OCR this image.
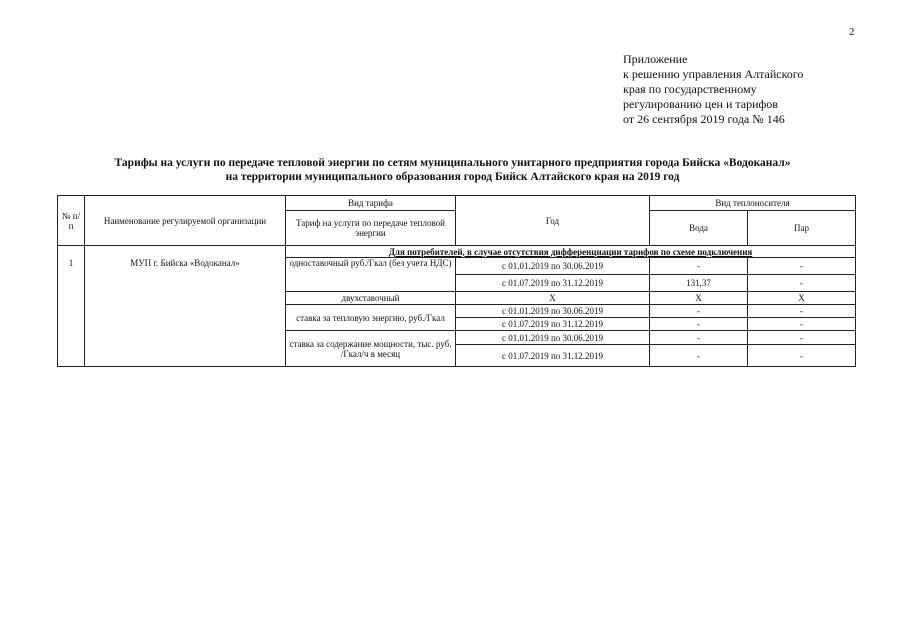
2
Приложение
к решению управления Алтайского
края по государственному
регулированию цен и тарифов
от 26 сентября 2019 года № 146
Тарифы на услуги по передаче тепловой энергии по сетям муниципального унитарного предприятия города Бийска «Водоканал»
на территории муниципального образования город Бийск Алтайского края на 2019 год
№ п/п	Наименование регулируемой организации	Вид тарифа	Год	Вид теплоносителя	
		Тариф на услуги по передаче тепловой энергии		Вода	Пар
		Для потребителей, в случае отсутствия дифференциации тарифов по схеме подключения			
1	МУП г. Бийска «Водоканал»	одноставочный руб./Гкал (без учета НДС)	с 01.01.2019 по 30.06.2019	-	-
			с 01.07.2019 по 31.12.2019	131,37	-
		двухставочный	X	X	X
		ставка за тепловую энергию, руб./Гкал	с 01.01.2019 по 30.06.2019	-	-
			с 01.07.2019 по 31.12.2019	-	-
		ставка за содержание мощности, тыс. руб. /Гкал/ч в месяц	с 01.01.2019 по 30.06.2019	-	-
			с 01.07.2019 по 31.12.2019	-	-
